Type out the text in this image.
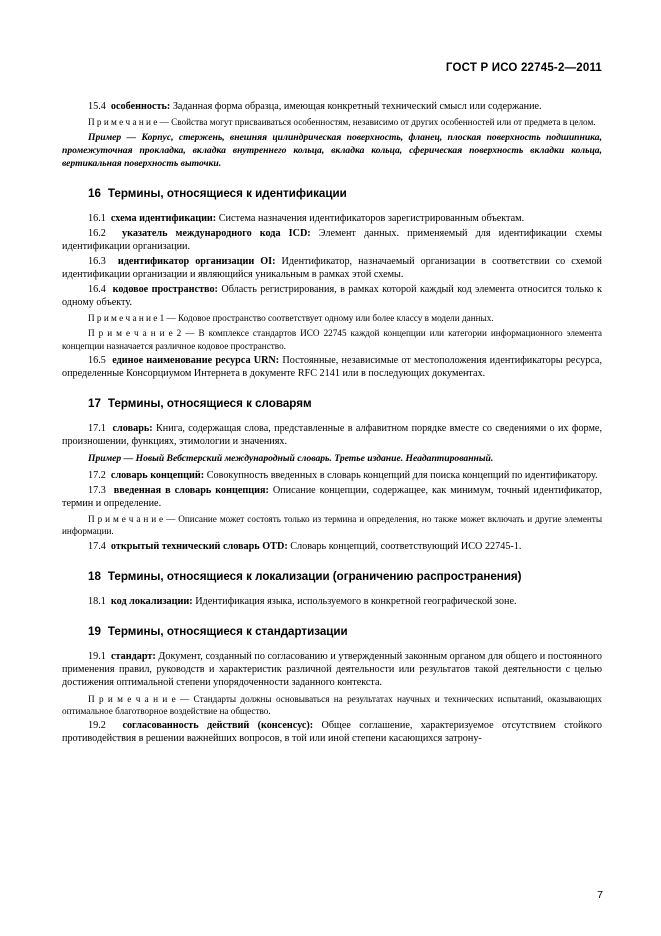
ГОСТ Р ИСО 22745-2—2011

15.4 особенность: Заданная форма образца, имеющая конкретный технический смысл или содержание.

П р и м е ч а н и е — Свойства могут присваиваться особенностям, независимо от других особенностей или от предмета в целом.

Пример — Корпус, стержень, внешняя цилиндрическая поверхность, фланец, плоская поверхность подшипника, промежуточная прокладка, вкладка внутреннего кольца, вкладка кольца, сферическая поверхность вкладки кольца, вертикальная поверхность выточки.

16 Термины, относящиеся к идентификации

16.1 схема идентификации: Система назначения идентификаторов зарегистрированным объектам.

16.2 указатель международного кода ICD: Элемент данных. применяемый для идентификации схемы идентификации организации.

16.3 идентификатор организации OI: Идентификатор, назначаемый организации в соответствии со схемой идентификации организации и являющийся уникальным в рамках этой схемы.

16.4 кодовое пространство: Область регистрирования, в рамках которой каждый код элемента относится только к одному объекту.

П р и м е ч а н и е 1 — Кодовое пространство соответствует одному или более классу в модели данных.

П р и м е ч а н и е 2 — В комплексе стандартов ИСО 22745 каждой концепции или категории информационного элемента концепции назначается различное кодовое пространство.

16.5 единое наименование ресурса URN: Постоянные, независимые от местоположения идентификаторы ресурса, определенные Консорциумом Интернета в документе RFC 2141 или в последующих документах.

17 Термины, относящиеся к словарям

17.1 словарь: Книга, содержащая слова, представленные в алфавитном порядке вместе со сведениями о их форме, произношении, функциях, этимологии и значениях.

Пример — Новый Вебстерский международный словарь. Третье издание. Неадаптированный.

17.2 словарь концепций: Совокупность введенных в словарь концепций для поиска концепций по идентификатору.

17.3 введенная в словарь концепция: Описание концепции, содержащее, как минимум, точный идентификатор, термин и определение.

П р и м е ч а н и е — Описание может состоять только из термина и определения, но также может включать и другие элементы информации.

17.4 открытый технический словарь OTD: Словарь концепций, соответствующий ИСО 22745-1.

18 Термины, относящиеся к локализации (ограничению распространения)

18.1 код локализации: Идентификация языка, используемого в конкретной географической зоне.

19 Термины, относящиеся к стандартизации

19.1 стандарт: Документ, созданный по согласованию и утвержденный законным органом для общего и постоянного применения правил, руководств и характеристик различной деятельности или результатов такой деятельности с целью достижения оптимальной степени упорядоченности заданного контекста.

П р и м е ч а н и е — Стандарты должны основываться на результатах научных и технических испытаний, оказывающих оптимальное благотворное воздействие на общество.

19.2 согласованность действий (консенсус): Общее соглашение, характеризуемое отсутствием стойкого противодействия в решении важнейших вопросов, в той или иной степени касающихся затрону-

7
